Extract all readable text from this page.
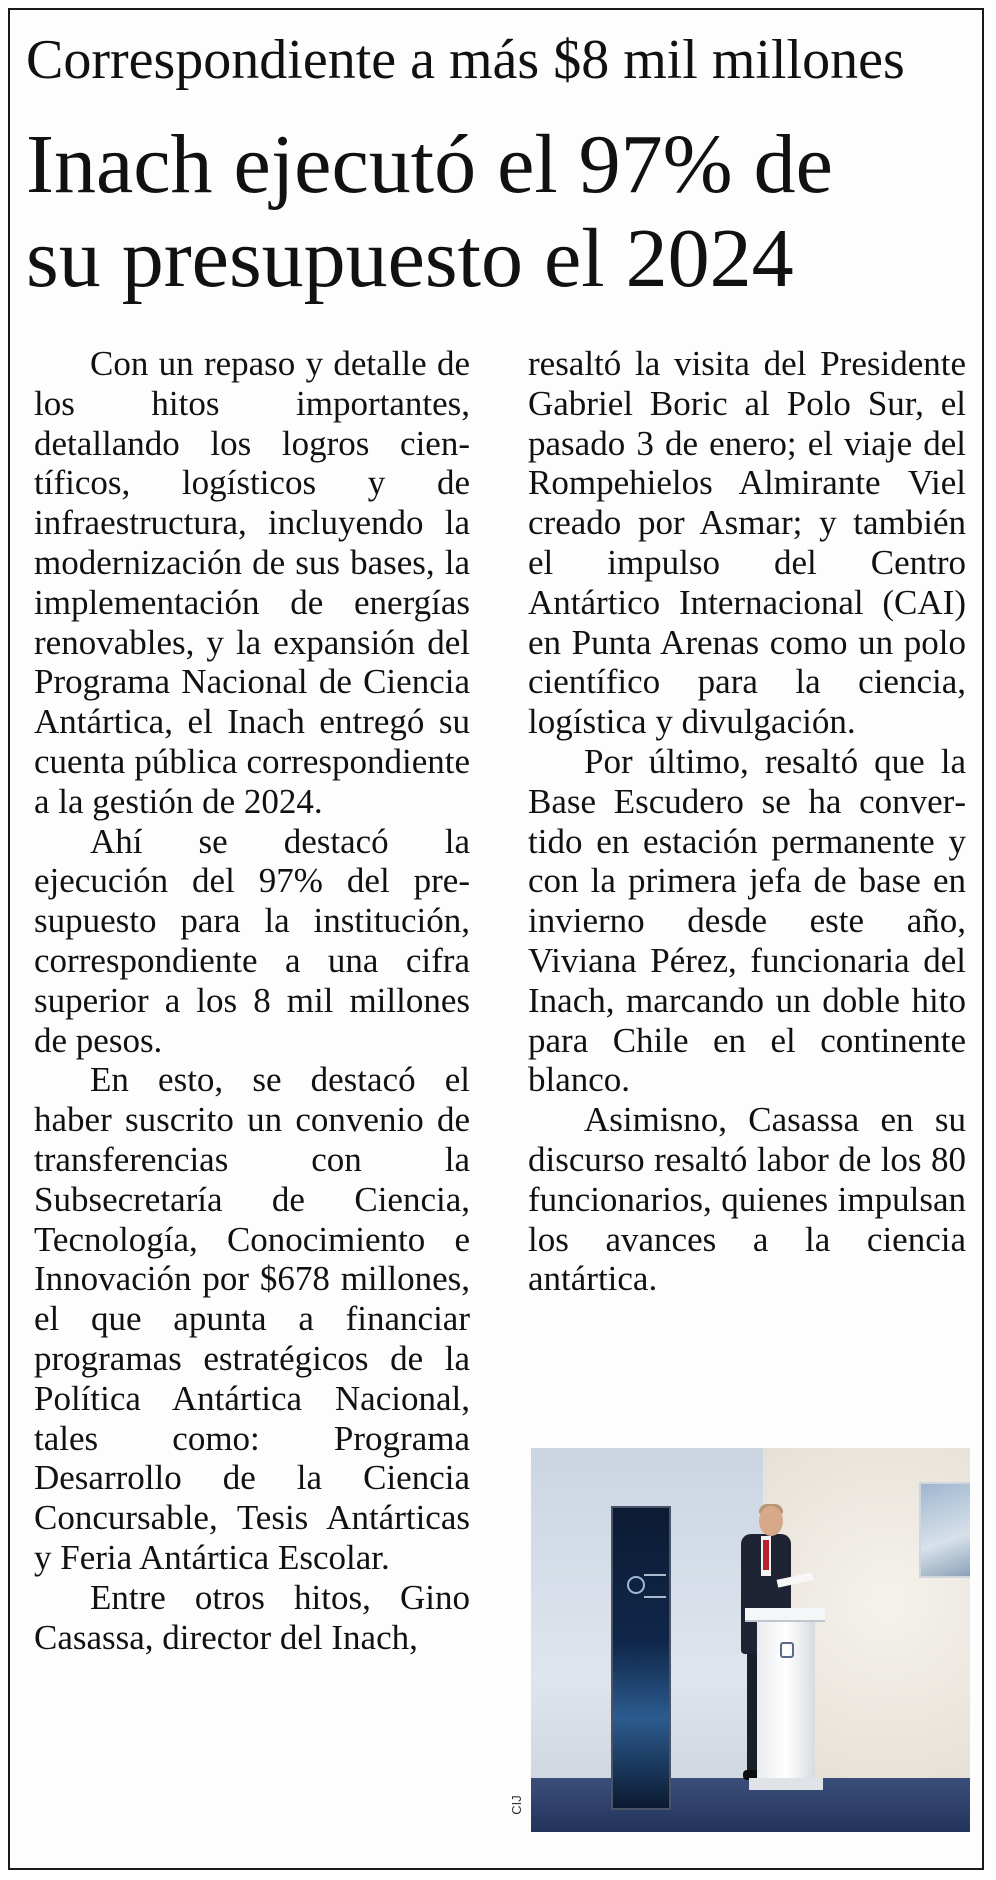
Correspondiente a más $8 mil millones
Inach ejecutó el 97% de
su presupuesto el 2024

Con un repaso y detalle de los hitos importantes, detallando los logros científicos, logísticos y de infraestructura, incluyendo la modernización de sus bases, la implementación de energías renovables, y la expansión del Programa Nacional de Ciencia Antártica, el Inach entregó su cuenta pública correspondiente a la gestión de 2024.

Ahí se destacó la ejecución del 97% del presupuesto para la institución, correspondiente a una cifra superior a los 8 mil millones de pesos.

En esto, se destacó el haber suscrito un convenio de transferencias con la Subsecretaría de Ciencia, Tecnología, Conocimiento e Innovación por $678 millones, el que apunta a financiar programas estratégicos de la Política Antártica Nacional, tales como: Programa Desarrollo de la Ciencia Concursable, Tesis Antárticas y Feria Antártica Escolar.

Entre otros hitos, Gino Casassa, director del Inach,

resaltó la visita del Presidente Gabriel Boric al Polo Sur, el pasado 3 de enero; el viaje del Rompehielos Almirante Viel creado por Asmar; y también el impulso del Centro Antártico Internacional (CAI) en Punta Arenas como un polo científico para la ciencia, logística y divulgación.

Por último, resaltó que la Base Escudero se ha convertido en estación permanente y con la primera jefa de base en invierno desde este año, Viviana Pérez, funcionaria del Inach, marcando un doble hito para Chile en el continente blanco.

Asimisno, Casassa en su discurso resaltó labor de los 80 funcionarios, quienes impulsan los avances a la ciencia antártica.

CIJ
